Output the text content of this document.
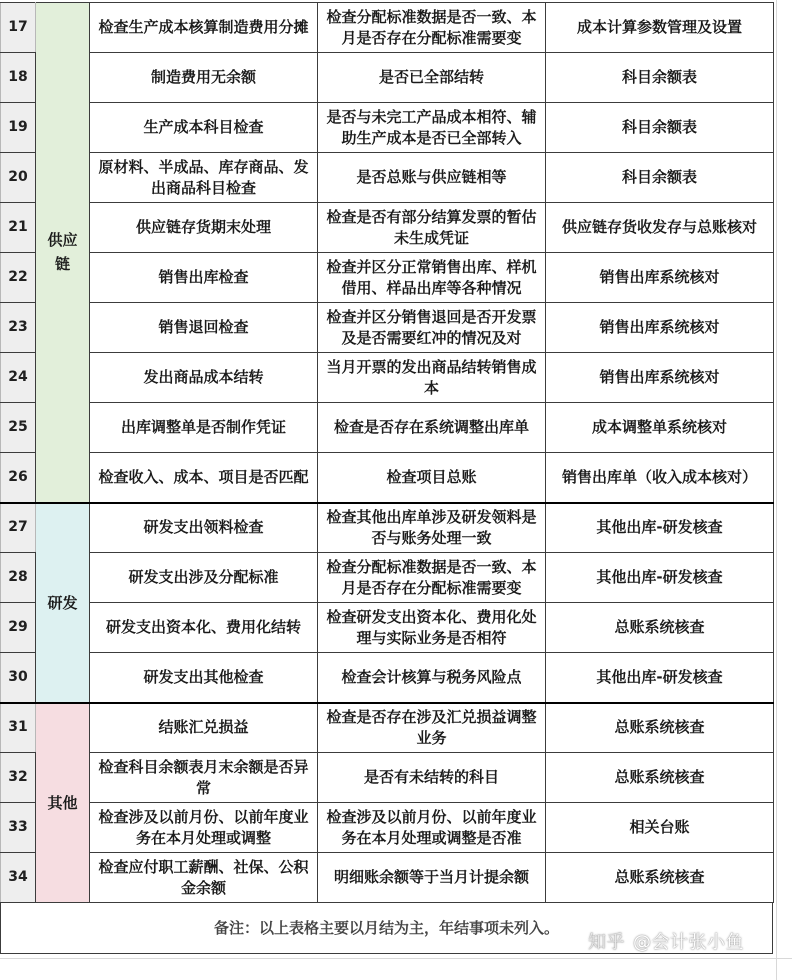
17	供应链	检查生产成本核算制造费用分摊	检查分配标准数据是否一致、本月是否存在分配标准需要变	成本计算参数管理及设置

18		制造费用无余额	是否已全部结转	科目余额表

19		生产成本科目检查	是否与未完工产品成本相符、辅助生产成本是否已全部转入	科目余额表

20		原材料、半成品、库存商品、发出商品科目检查	是否总账与供应链相等	科目余额表

21		供应链存货期末处理	检查是否有部分结算发票的暂估未生成凭证	供应链存货收发存与总账核对

22		销售出库检查	检查并区分正常销售出库、样机借用、样品出库等各种情况	销售出库系统核对

23		销售退回检查	检查并区分销售退回是否开发票及是否需要红冲的情况及对	销售出库系统核对

24		发出商品成本结转	当月开票的发出商品结转销售成本	销售出库系统核对

25		出库调整单是否制作凭证	检查是否存在系统调整出库单	成本调整单系统核对

26		检查收入、成本、项目是否匹配	检查项目总账	销售出库单（收入成本核对）

27	研发	研发支出领料检查	检查其他出库单涉及研发领料是否与账务处理一致	其他出库-研发核查

28		研发支出涉及分配标准	检查分配标准数据是否一致、本月是否存在分配标准需要变	其他出库-研发核查

29		研发支出资本化、费用化结转	检查研发支出资本化、费用化处理与实际业务是否相符	总账系统核查

30		研发支出其他检查	检查会计核算与税务风险点	其他出库-研发核查

31	其他	结账汇兑损益	检查是否存在涉及汇兑损益调整业务	总账系统核查

32		检查科目余额表月末余额是否异常	是否有未结转的科目	总账系统核查

33		检查涉及以前月份、以前年度业务在本月处理或调整	检查涉及以前月份、以前年度业务在本月处理或调整是否准	相关台账

34		检查应付职工薪酬、社保、公积金余额	明细账余额等于当月计提余额	总账系统核查
备注：以上表格主要以月结为主，年结事项未列入。
知乎 @会计张小鱼
